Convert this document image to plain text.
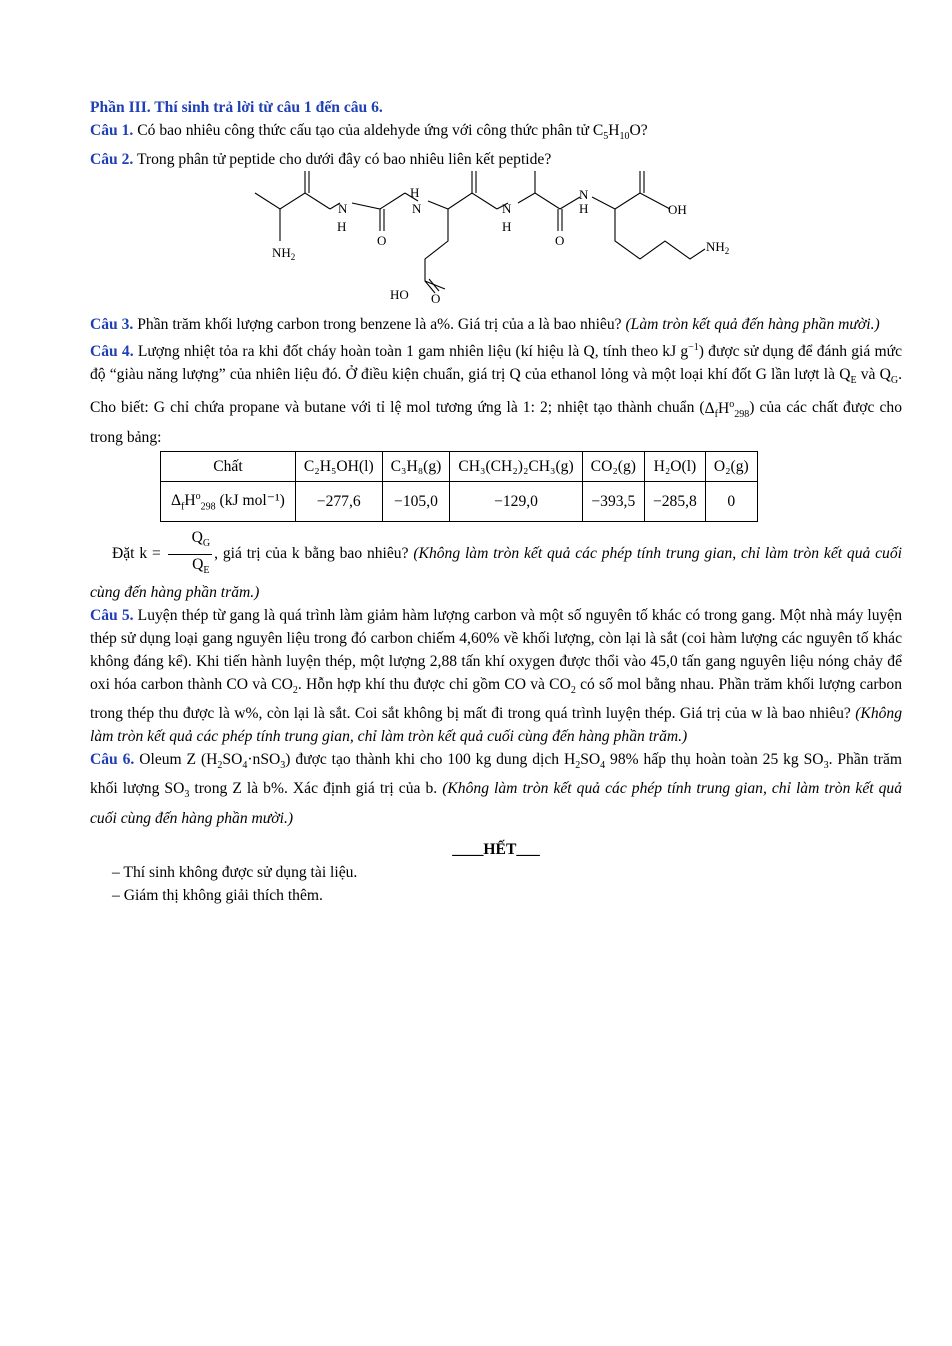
Phần III. Thí sinh trả lời từ câu 1 đến câu 6.

Câu 1. Có bao nhiêu công thức cấu tạo của aldehyde ứng với công thức phân tử $C_5H_{10}O$?

Câu 2. Trong phân tử peptide cho dưới đây có bao nhiêu liên kết peptide?

N
H
$NH_2$
O
H
N
HO O
N
H
O
N
H	OH
$NH_2$

Câu 3. Phần trăm khối lượng carbon trong benzene là a%. Giá trị của a là bao nhiêu? (Làm tròn kết quả đến hàng phần mười.)

Câu 4. Lượng nhiệt tỏa ra khi đốt cháy hoàn toàn 1 gam nhiên liệu (kí hiệu là Q, tính theo kJ $g^{-1}$) được sử dụng để đánh giá mức độ “giàu năng lượng” của nhiên liệu đó. Ở điều kiện chuẩn, giá trị Q của ethanol lỏng và một loại khí đốt G lần lượt là $Q_E$ và $Q_G$. Cho biết: G chỉ chứa propane và butane với tỉ lệ mol tương ứng là 1: 2; nhiệt tạo thành chuẩn $(\Delta_fH^o_{298})$ của các chất được cho trong bảng:

Chất	C₂H₅OH(l)	C₃H₈(g)	CH₃(CH₂)₂CH₃(g)	CO₂(g)	H₂O(l)	O₂(g)
$\Delta_fH^o_{298}$ (kJ mol⁻¹)	−277,6	−105,0	−129,0	−393,5	−285,8	0

Đặt $k = \frac{Q_G}{Q_E}$ , giá trị của k bằng bao nhiêu? (Không làm tròn kết quả các phép tính trung gian, chỉ làm tròn kết quả cuối cùng đến hàng phần trăm.)

Câu 5. Luyện thép từ gang là quá trình làm giảm hàm lượng carbon và một số nguyên tố khác có trong gang. Một nhà máy luyện thép sử dụng loại gang nguyên liệu trong đó carbon chiếm 4,60% về khối lượng, còn lại là sắt (coi hàm lượng các nguyên tố khác không đáng kể). Khi tiến hành luyện thép, một lượng 2,88 tấn khí oxygen được thổi vào 45,0 tấn gang nguyên liệu nóng chảy để oxi hóa carbon thành CO và $CO_2$. Hỗn hợp khí thu được chỉ gồm CO và $CO_2$ có số mol bằng nhau. Phần trăm khối lượng carbon trong thép thu được là w%, còn lại là sắt. Coi sắt không bị mất đi trong quá trình luyện thép. Giá trị của w là bao nhiêu? (Không làm tròn kết quả các phép tính trung gian, chỉ làm tròn kết quả cuối cùng đến hàng phần trăm.)

Câu 6. Oleum Z $(H_2SO_4\cdot nSO_3)$ được tạo thành khi cho 100 kg dung dịch $H_2SO_4$ 98% hấp thụ hoàn toàn 25 kg $SO_3$. Phần trăm khối lượng $SO_3$ trong Z là b%. Xác định giá trị của b. (Không làm tròn kết quả các phép tính trung gian, chỉ làm tròn kết quả cuối cùng đến hàng phần mười.)

____HẾT___

– Thí sinh không được sử dụng tài liệu.

– Giám thị không giải thích thêm.
